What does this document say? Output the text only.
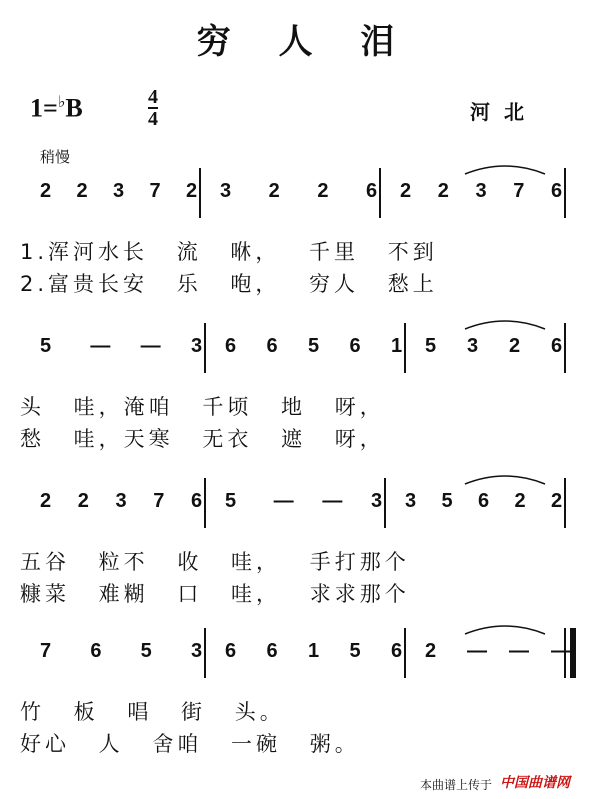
穷 人 泪
1=♭B	4
4	河北
稍慢
2 2 3 7 2 3 2 2 6 2 2 3 7 6
1.浑河水长 流 咻， 千里 不到
2.富贵长安 乐 咆， 穷人 愁上
5 — — 3 6 6 5 6 1 5 3 2 6
头 哇，淹咱 千顷 地 呀，
愁 哇，天寒 无衣 遮 呀，
2 2 3 7 6 5 — — 3 3 5 6 2 2
五谷 粒不 收 哇， 手打那个
糠菜 难糊 口 哇， 求求那个
7 6 5 3 6 6 1 5 6 2 — — —
竹 板 唱 街 头。
好心 人 舍咱 一碗 粥。
本曲谱上传于 中国曲谱网
